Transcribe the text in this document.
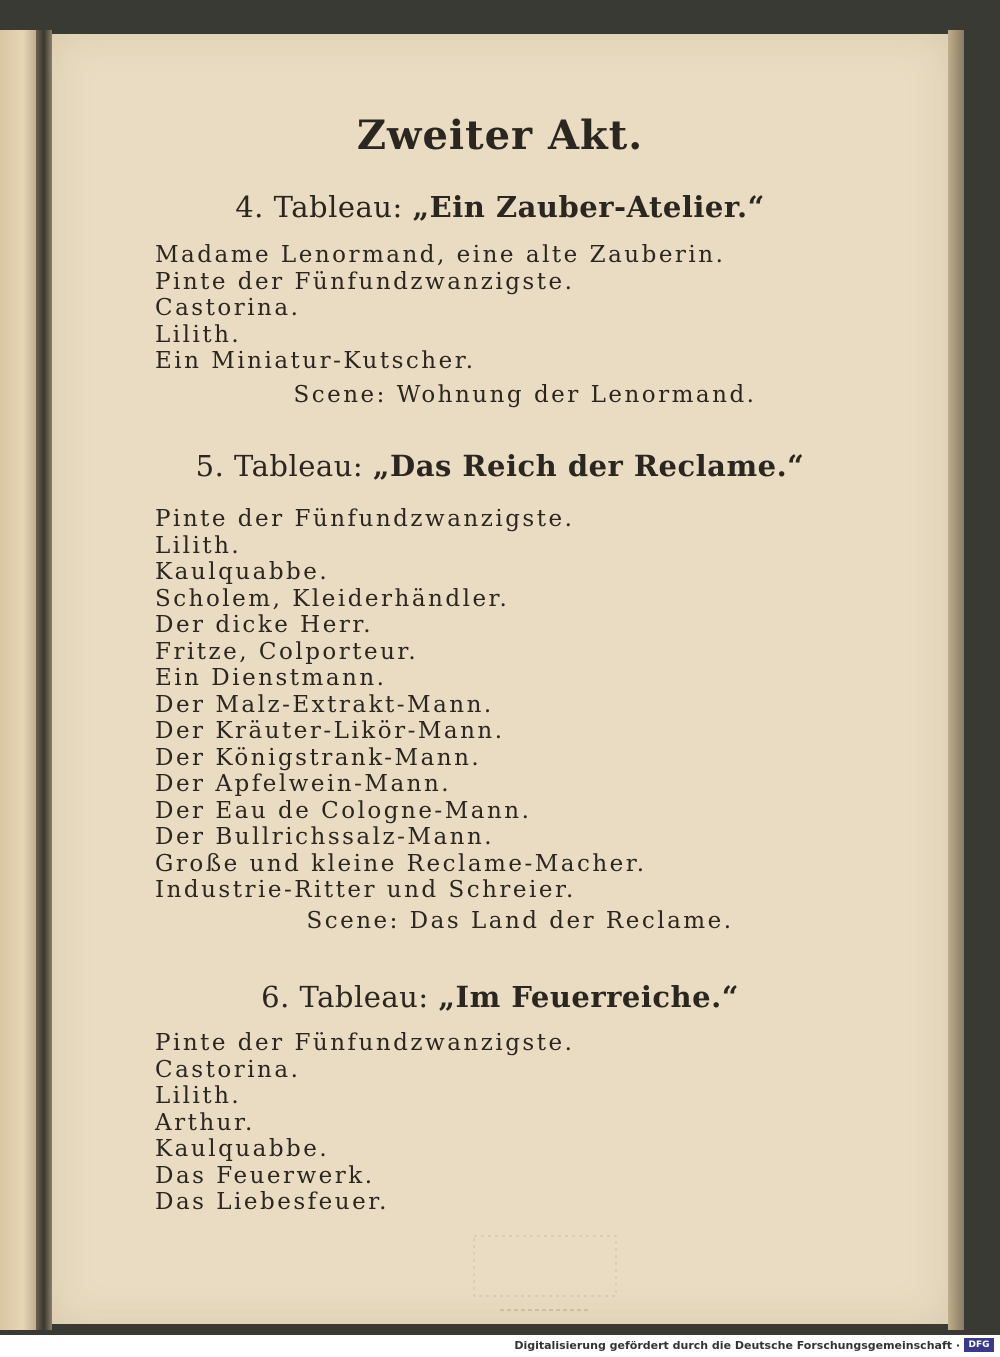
Zweiter Akt.
4. Tableau: „Ein Zauber-Atelier.“
Madame Lenormand, eine alte Zauberin.
Pinte der Fünfundzwanzigste.
Castorina.
Lilith.
Ein Miniatur-Kutscher.
Scene: Wohnung der Lenormand.
5. Tableau: „Das Reich der Reclame.“
Pinte der Fünfundzwanzigste.
Lilith.
Kaulquabbe.
Scholem, Kleiderhändler.
Der dicke Herr.
Fritze, Colporteur.
Ein Dienstmann.
Der Malz-Extrakt-Mann.
Der Kräuter-Likör-Mann.
Der Königstrank-Mann.
Der Apfelwein-Mann.
Der Eau de Cologne-Mann.
Der Bullrichssalz-Mann.
Große und kleine Reclame-Macher.
Industrie-Ritter und Schreier.
Scene: Das Land der Reclame.
6. Tableau: „Im Feuerreiche.“
Pinte der Fünfundzwanzigste.
Castorina.
Lilith.
Arthur.
Kaulquabbe.
Das Feuerwerk.
Das Liebesfeuer.
Digitalisierung gefördert durch die Deutsche Forschungsgemeinschaft · DFG
